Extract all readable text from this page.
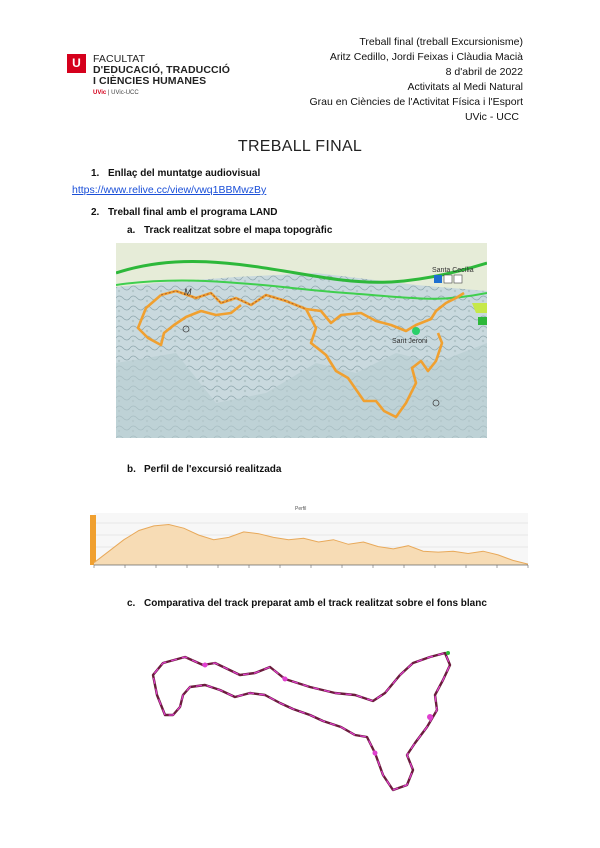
U	FACULTAT
D'EDUCACIÓ, TRADUCCIÓ
I CIÈNCIES HUMANES
UVic | UVic-UCC
Treball final (treball Excursionisme)
Aritz Cedillo, Jordi Feixas i Clàudia Macià
8 d'abril de 2022
Activitats al Medi Natural
Grau en Ciències de l'Activitat Física i l'Esport
UVic - UCC
TREBALL FINAL
1. Enllaç del muntatge audiovisual
https://www.relive.cc/view/vwq1BBMwzBy
2. Treball final amb el programa LAND
a. Track realitzat sobre el mapa topogràfic
Santa Cecília
Sant Jeroni
M
b. Perfil de l'excursió realitzada
Perfil
c. Comparativa del track preparat amb el track realitzat sobre el fons blanc
